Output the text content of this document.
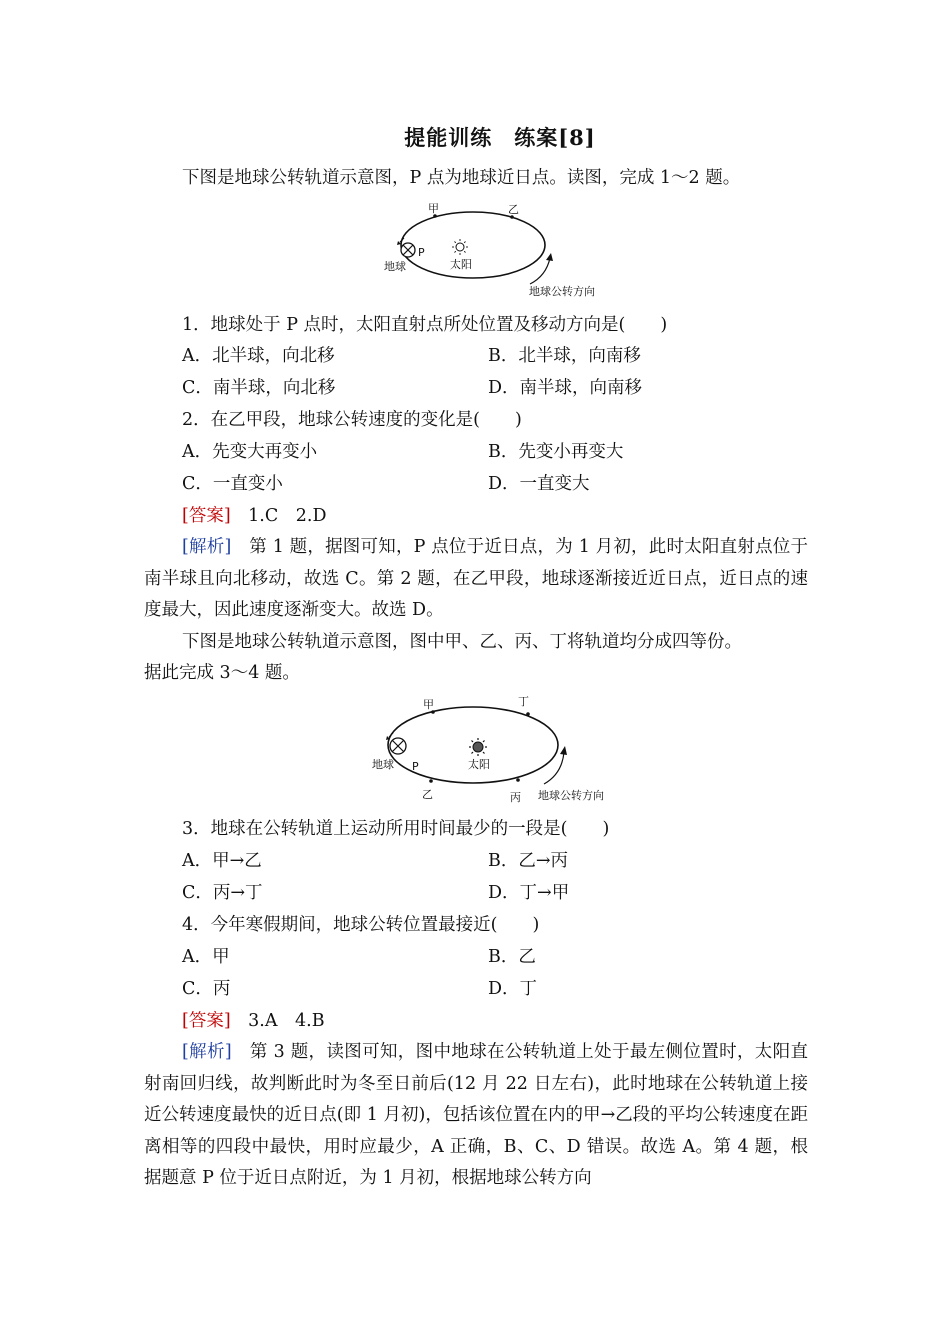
提能训练　练案[8]
下图是地球公转轨道示意图，P 点为地球近日点。读图，完成 1～2 题。
甲	乙
P
地球	太阳
地球公转方向
1．地球处于 P 点时，太阳直射点所处位置及移动方向是(　　)
A．北半球，向北移	B．北半球，向南移
C．南半球，向北移	D．南半球，向南移
2．在乙甲段，地球公转速度的变化是(　　)
A．先变大再变小	B．先变小再变大
C．一直变小	D．一直变大
[答案]　1.C　2.D
[解析]　第 1 题，据图可知，P 点位于近日点，为 1 月初，此时太阳直射点位于南半球且向北移动，故选 C。第 2 题，在乙甲段，地球逐渐接近近日点，近日点的速度最大，因此速度逐渐变大。故选 D。
下图是地球公转轨道示意图，图中甲、乙、丙、丁将轨道均分成四等份。
据此完成 3～4 题。
甲	丁
乙	丙
P
地球	太阳
地球公转方向
3．地球在公转轨道上运动所用时间最少的一段是(　　)
A．甲→乙	B．乙→丙
C．丙→丁	D．丁→甲
4．今年寒假期间，地球公转位置最接近(　　)
A．甲	B．乙
C．丙	D．丁
[答案]　3.A　4.B
[解析]　第 3 题，读图可知，图中地球在公转轨道上处于最左侧位置时，太阳直射南回归线，故判断此时为冬至日前后(12 月 22 日左右)，此时地球在公转轨道上接近公转速度最快的近日点(即 1 月初)，包括该位置在内的甲→乙段的平均公转速度在距离相等的四段中最快，用时应最少，A 正确，B、C、D 错误。故选 A。第 4 题，根据题意 P 位于近日点附近，为 1 月初，根据地球公转方向
